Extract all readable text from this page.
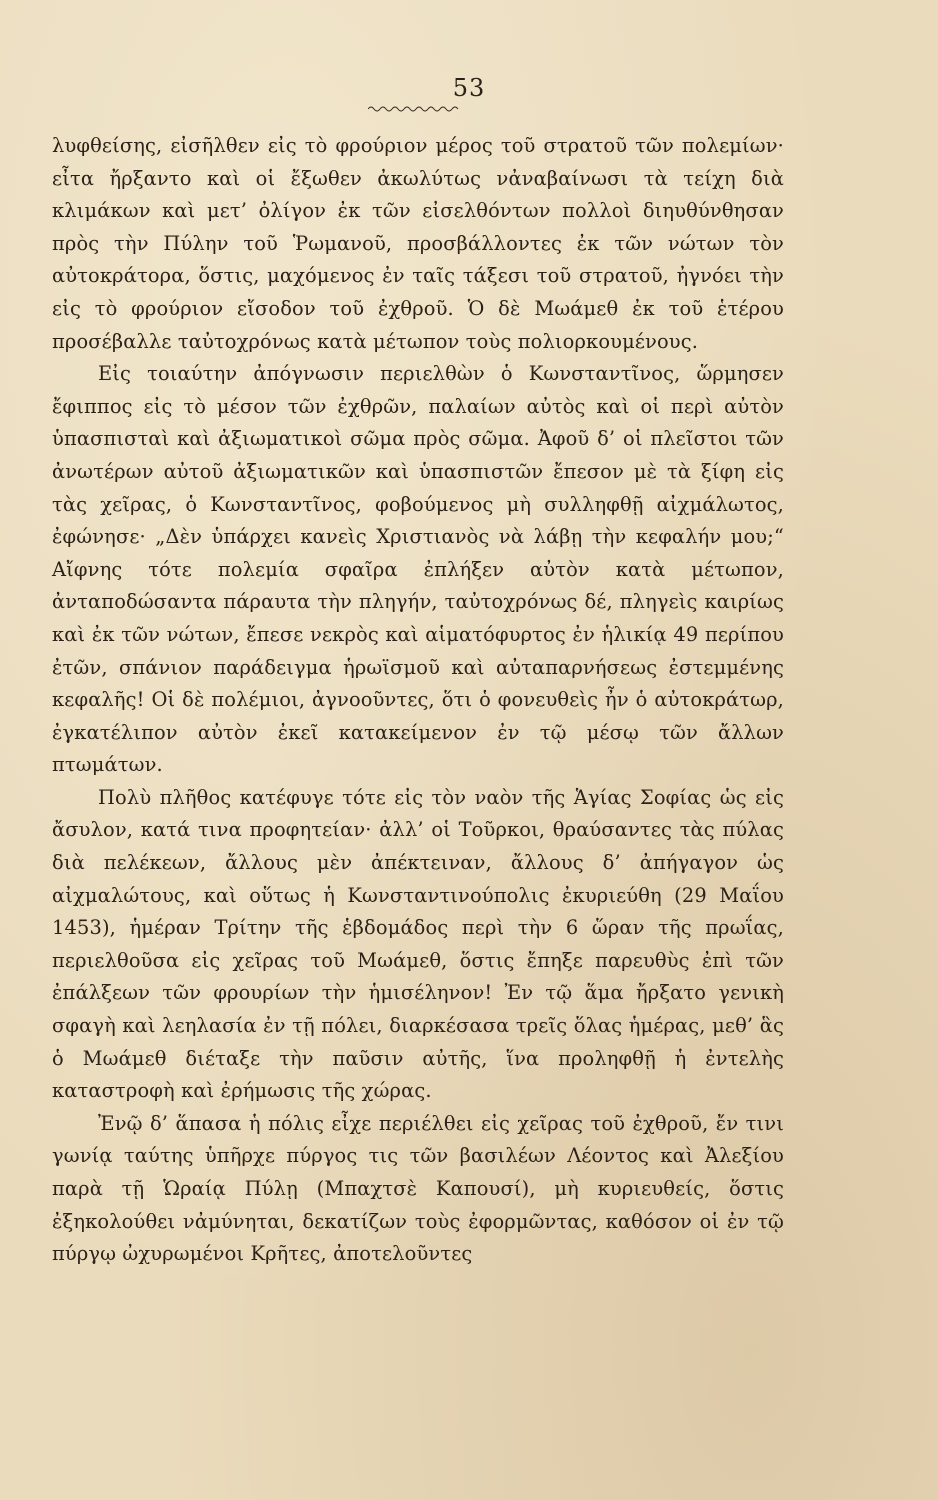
53

λυφθείσης, εἰσῆλθεν εἰς τὸ φρούριον μέρος τοῦ στρατοῦ τῶν πολεμίων· εἶτα ἤρξαντο καὶ οἱ ἔξωθεν ἀκωλύτως νἀναβαίνωσι τὰ τείχη διὰ κλιμάκων καὶ μετ’ ὀλίγον ἐκ τῶν εἰσελθόντων πολλοὶ διηυθύνθησαν πρὸς τὴν Πύλην τοῦ Ῥωμανοῦ, προσβάλλοντες ἐκ τῶν νώτων τὸν αὐτοκράτορα, ὅστις, μαχόμενος ἐν ταῖς τάξεσι τοῦ στρατοῦ, ἠγνόει τὴν εἰς τὸ φρούριον εἴσοδον τοῦ ἐχθροῦ. Ὁ δὲ Μωάμεθ ἐκ τοῦ ἑτέρου προσέβαλλε ταὐτοχρόνως κατὰ μέτωπον τοὺς πολιορκουμένους.

Εἰς τοιαύτην ἀπόγνωσιν περιελθὼν ὁ Κωνσταντῖνος, ὥρμησεν ἔφιππος εἰς τὸ μέσον τῶν ἐχθρῶν, παλαίων αὐτὸς καὶ οἱ περὶ αὐτὸν ὑπασπισταὶ καὶ ἀξιωματικοὶ σῶμα πρὸς σῶμα. Ἀφοῦ δ’ οἱ πλεῖστοι τῶν ἀνωτέρων αὐτοῦ ἀξιωματικῶν καὶ ὑπασπιστῶν ἔπεσον μὲ τὰ ξίφη εἰς τὰς χεῖρας, ὁ Κωνσταντῖνος, φοβούμενος μὴ συλληφθῇ αἰχμάλωτος, ἐφώνησε· „Δὲν ὑπάρχει κανεὶς Χριστιανὸς νὰ λάβῃ τὴν κεφαλήν μου;“ Αἴφνης τότε πολεμία σφαῖρα ἐπλήξεν αὐτὸν κατὰ μέτωπον, ἀνταποδώσαντα πάραυτα τὴν πληγήν, ταὐτοχρόνως δέ, πληγεὶς καιρίως καὶ ἐκ τῶν νώτων, ἔπεσε νεκρὸς καὶ αἱματόφυρτος ἐν ἡλικίᾳ 49 περίπου ἐτῶν, σπάνιον παράδειγμα ἡρωϊσμοῦ καὶ αὐταπαρνήσεως ἐστεμμένης κεφαλῆς! Οἱ δὲ πολέμιοι, ἀγνοοῦντες, ὅτι ὁ φονευθεὶς ἦν ὁ αὐτοκράτωρ, ἐγκατέλιπον αὐτὸν ἐκεῖ κατακείμενον ἐν τῷ μέσῳ τῶν ἄλλων πτωμάτων.

Πολὺ πλῆθος κατέφυγε τότε εἰς τὸν ναὸν τῆς Ἁγίας Σοφίας ὡς εἰς ἄσυλον, κατά τινα προφητείαν· ἀλλ’ οἱ Τοῦρκοι, θραύσαντες τὰς πύλας διὰ πελέκεων, ἄλλους μὲν ἀπέκτειναν, ἄλλους δ’ ἀπήγαγον ὡς αἰχμαλώτους, καὶ οὕτως ἡ Κωνσταντινούπολις ἐκυριεύθη (29 Μαΐου 1453), ἡμέραν Τρίτην τῆς ἑβδομάδος περὶ τὴν 6 ὥραν τῆς πρωΐας, περιελθοῦσα εἰς χεῖρας τοῦ Μωάμεθ, ὅστις ἔπηξε παρευθὺς ἐπὶ τῶν ἐπάλξεων τῶν φρουρίων τὴν ἡμισέληνον! Ἐν τῷ ἅμα ἤρξατο γενικὴ σφαγὴ καὶ λεηλασία ἐν τῇ πόλει, διαρκέσασα τρεῖς ὅλας ἡμέρας, μεθ’ ἃς ὁ Μωάμεθ διέταξε τὴν παῦσιν αὐτῆς, ἵνα προληφθῇ ἡ ἐντελὴς καταστροφὴ καὶ ἐρήμωσις τῆς χώρας.

Ἐνῷ δ’ ἅπασα ἡ πόλις εἶχε περιέλθει εἰς χεῖρας τοῦ ἐχθροῦ, ἔν τινι γωνίᾳ ταύτης ὑπῆρχε πύργος τις τῶν βασιλέων Λέοντος καὶ Ἀλεξίου παρὰ τῇ Ὡραίᾳ Πύλῃ (Μπαχτσὲ Καπουσί), μὴ κυριευθείς, ὅστις ἐξηκολούθει νἀμύνηται, δεκατίζων τοὺς ἐφορμῶντας, καθόσον οἱ ἐν τῷ πύργῳ ὠχυρωμένοι Κρῆτες, ἀποτελοῦντες
